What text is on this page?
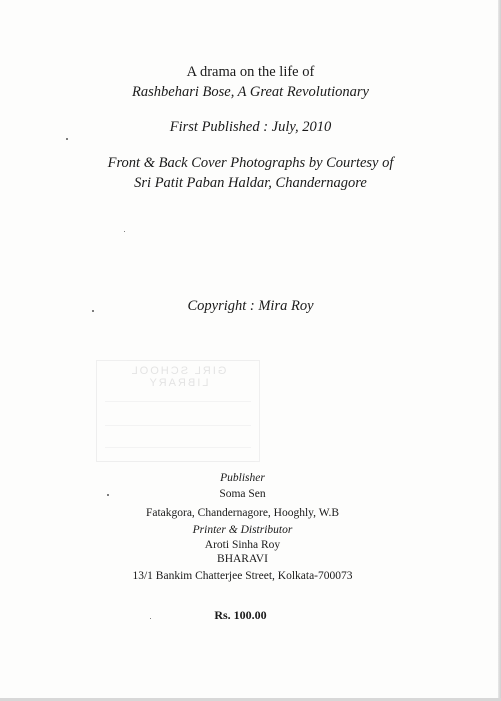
A drama on the life of
Rashbehari Bose, A Great Revolutionary
First Published : July, 2010
Front & Back Cover Photographs by Courtesy of
Sri Patit Paban Haldar, Chandernagore
Copyright : Mira Roy
GIRL SCHOOL LIBRARY
Publisher
Soma Sen
Fatakgora, Chandernagore, Hooghly, W.B
Printer & Distributor
Aroti Sinha Roy
BHARAVI
13/1 Bankim Chatterjee Street, Kolkata-700073
Rs. 100.00
